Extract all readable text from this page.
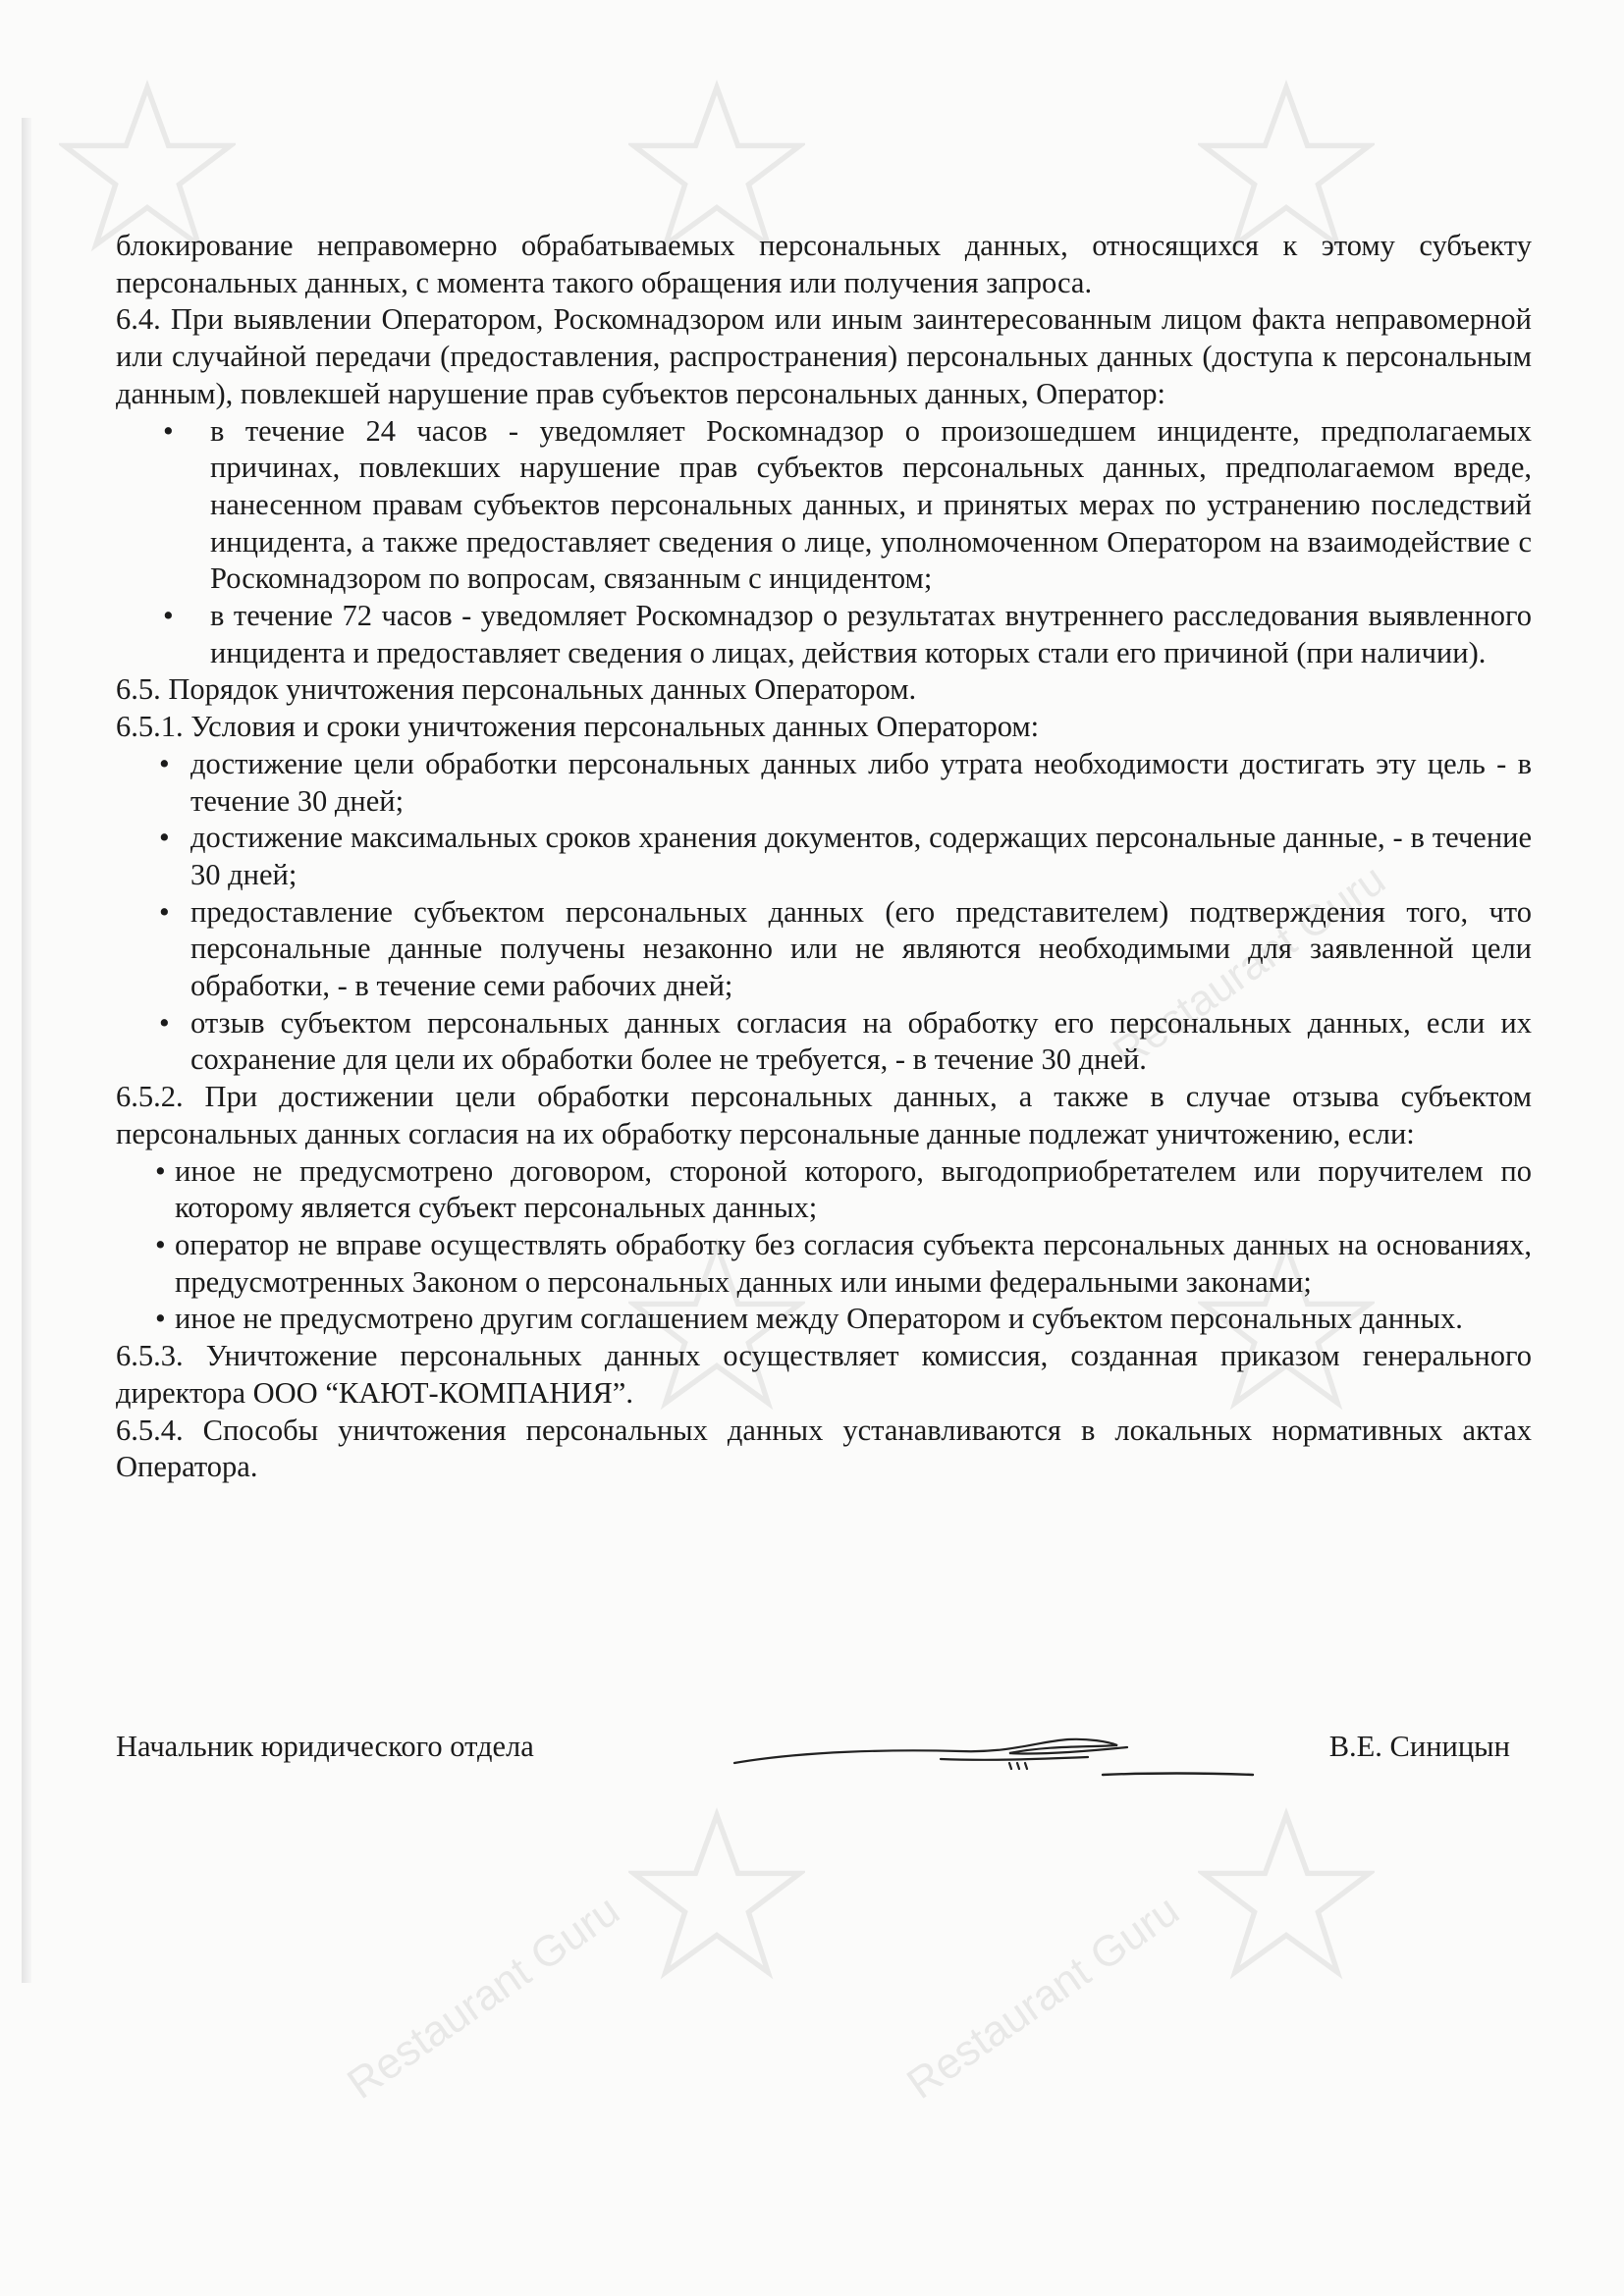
Restaurant Guru
Restaurant Guru	Restaurant Guru

блокирование неправомерно обрабатываемых персональных данных, относящихся к этому субъекту персональных данных, с момента такого обращения или получения запроса.

6.4. При выявлении Оператором, Роскомнадзором или иным заинтересованным лицом факта неправомерной или случайной передачи (предоставления, распространения) персональных данных (доступа к персональным данным), повлекшей нарушение прав субъектов персональных данных, Оператор:

• в течение 24 часов - уведомляет Роскомнадзор о произошедшем инциденте, предполагаемых причинах, повлекших нарушение прав субъектов персональных данных, предполагаемом вреде, нанесенном правам субъектов персональных данных, и принятых мерах по устранению последствий инцидента, а также предоставляет сведения о лице, уполномоченном Оператором на взаимодействие с Роскомнадзором по вопросам, связанным с инцидентом;
• в течение 72 часов - уведомляет Роскомнадзор о результатах внутреннего расследования выявленного инцидента и предоставляет сведения о лицах, действия которых стали его причиной (при наличии).

6.5. Порядок уничтожения персональных данных Оператором.

6.5.1. Условия и сроки уничтожения персональных данных Оператором:

• достижение цели обработки персональных данных либо утрата необходимости достигать эту цель - в течение 30 дней;
• достижение максимальных сроков хранения документов, содержащих персональные данные, - в течение 30 дней;
• предоставление субъектом персональных данных (его представителем) подтверждения того, что персональные данные получены незаконно или не являются необходимыми для заявленной цели обработки, - в течение семи рабочих дней;
• отзыв субъектом персональных данных согласия на обработку его персональных данных, если их сохранение для цели их обработки более не требуется, - в течение 30 дней.

6.5.2. При достижении цели обработки персональных данных, а также в случае отзыва субъектом персональных данных согласия на их обработку персональные данные подлежат уничтожению, если:

• иное не предусмотрено договором, стороной которого, выгодоприобретателем или поручителем по которому является субъект персональных данных;
• оператор не вправе осуществлять обработку без согласия субъекта персональных данных на основаниях, предусмотренных Законом о персональных данных или иными федеральными законами;
• иное не предусмотрено другим соглашением между Оператором и субъектом персональных данных.

6.5.3. Уничтожение персональных данных осуществляет комиссия, созданная приказом генерального директора ООО “КАЮТ-КОМПАНИЯ”.

6.5.4. Способы уничтожения персональных данных устанавливаются в локальных нормативных актах Оператора.

Начальник юридического отдела	В.Е. Синицын
